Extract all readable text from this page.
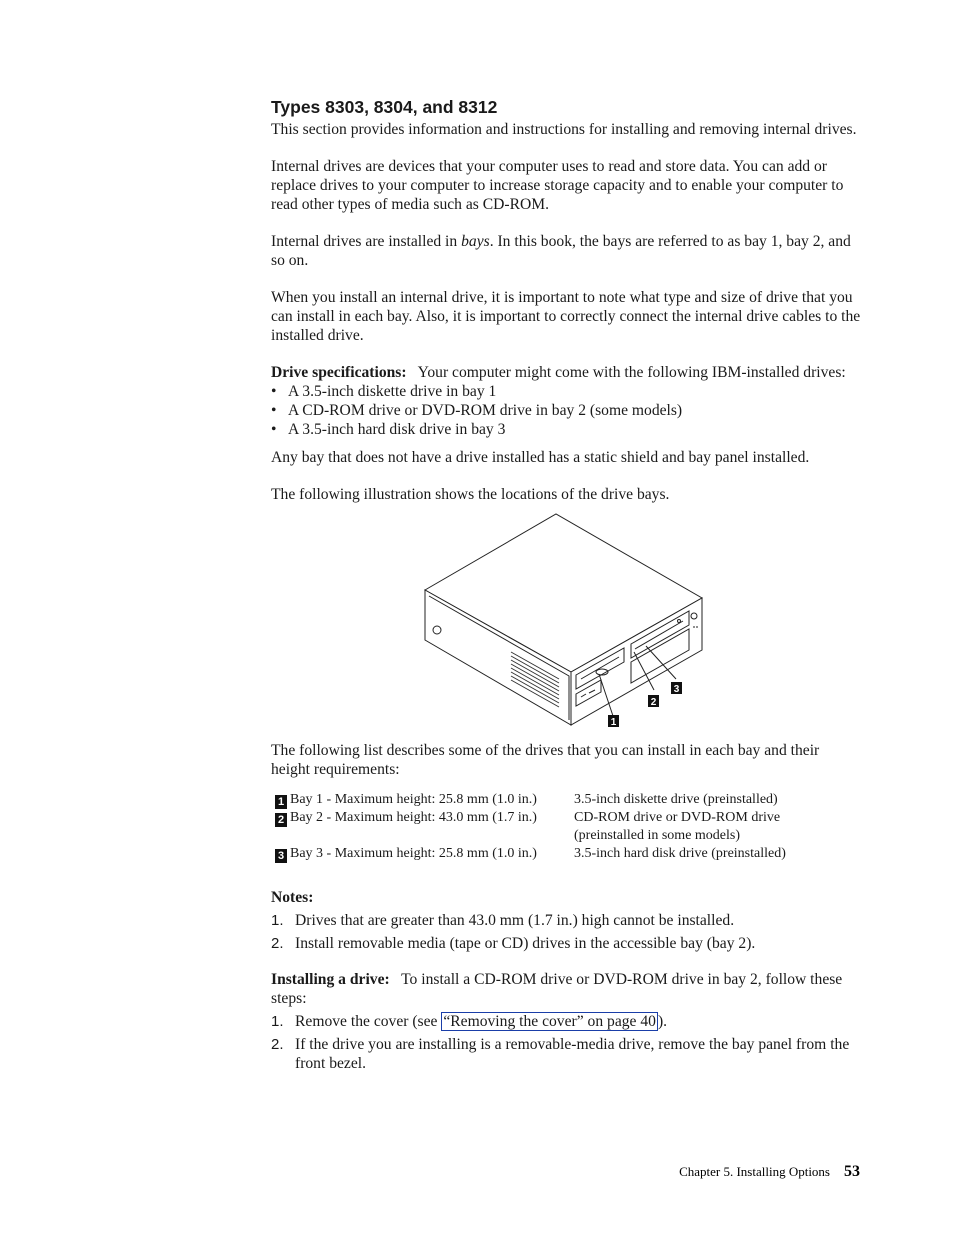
Types 8303, 8304, and 8312

This section provides information and instructions for installing and removing internal drives.

Internal drives are devices that your computer uses to read and store data. You can add or replace drives to your computer to increase storage capacity and to enable your computer to read other types of media such as CD-ROM.

Internal drives are installed in bays. In this book, the bays are referred to as bay 1, bay 2, and so on.

When you install an internal drive, it is important to note what type and size of drive that you can install in each bay. Also, it is important to correctly connect the internal drive cables to the installed drive.

Drive specifications: Your computer might come with the following IBM-installed drives:

• A 3.5-inch diskette drive in bay 1
• A CD-ROM drive or DVD-ROM drive in bay 2 (some models)
• A 3.5-inch hard disk drive in bay 3

Any bay that does not have a drive installed has a static shield and bay panel installed.

The following illustration shows the locations of the drive bays.

1
2
3

The following list describes some of the drives that you can install in each bay and their height requirements:

1 Bay 1 - Maximum height: 25.8 mm (1.0 in.)	3.5-inch diskette drive (preinstalled)
2 Bay 2 - Maximum height: 43.0 mm (1.7 in.)	CD-ROM drive or DVD-ROM drive
(preinstalled in some models)

3 Bay 3 - Maximum height: 25.8 mm (1.0 in.)	3.5-inch hard disk drive (preinstalled)

Notes:

1. Drives that are greater than 43.0 mm (1.7 in.) high cannot be installed.
2. Install removable media (tape or CD) drives in the accessible bay (bay 2).

Installing a drive: To install a CD-ROM drive or DVD-ROM drive in bay 2, follow these steps:

1. Remove the cover (see “Removing the cover” on page 40 ).
2. If the drive you are installing is a removable-media drive, remove the bay panel from the front bezel.
Chapter 5. Installing Options 53
